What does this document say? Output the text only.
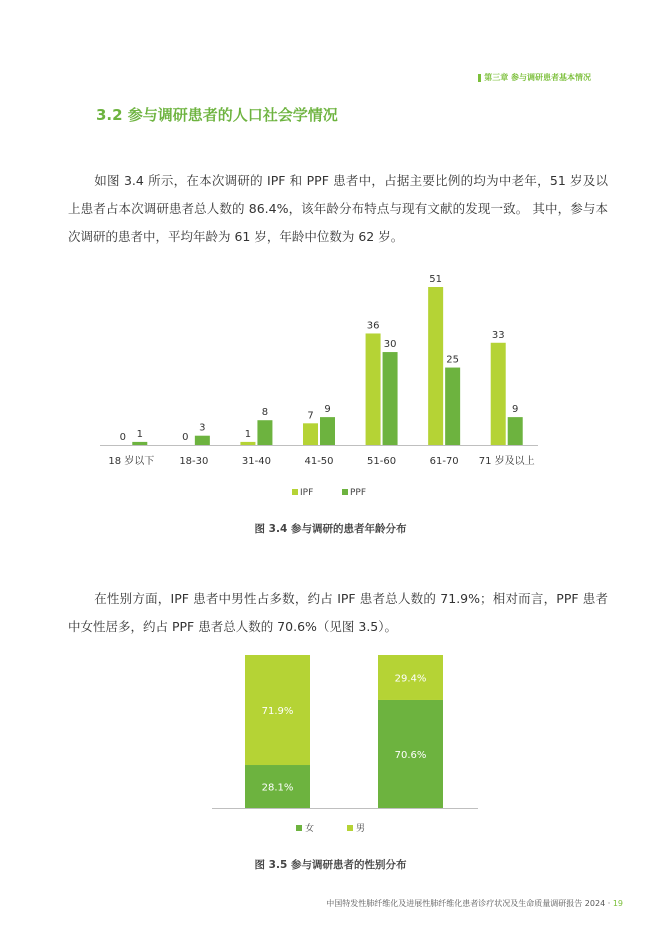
第三章 参与调研患者基本情况
3.2 参与调研患者的人口社会学情况
如图 3.4 所示，在本次调研的 IPF 和 PPF 患者中，占据主要比例的均为中老年，51 岁及以上患者占本次调研患者总人数的 86.4%，该年龄分布特点与现有文献的发现一致。 其中，参与本次调研的患者中，平均年龄为 61 岁，年龄中位数为 62 岁。
0 1
18 岁以下
0
3
18-30
1
8
31-40
7
9
41-50
36
30
51-60
51
25
61-70
33
9
71 岁及以上
IPF	PPF
图 3.4 参与调研的患者年龄分布
在性别方面，IPF 患者中男性占多数，约占 IPF 患者总人数的 71.9%；相对而言，PPF 患者中女性居多，约占 PPF 患者总人数的 70.6%（见图 3.5）。
28.1%
71.9%
70.6%
29.4%
女	男
图 3.5 参与调研患者的性别分布
中国特发性肺纤维化及进展性肺纤维化患者诊疗状况及生命质量调研报告 2024 · 19
